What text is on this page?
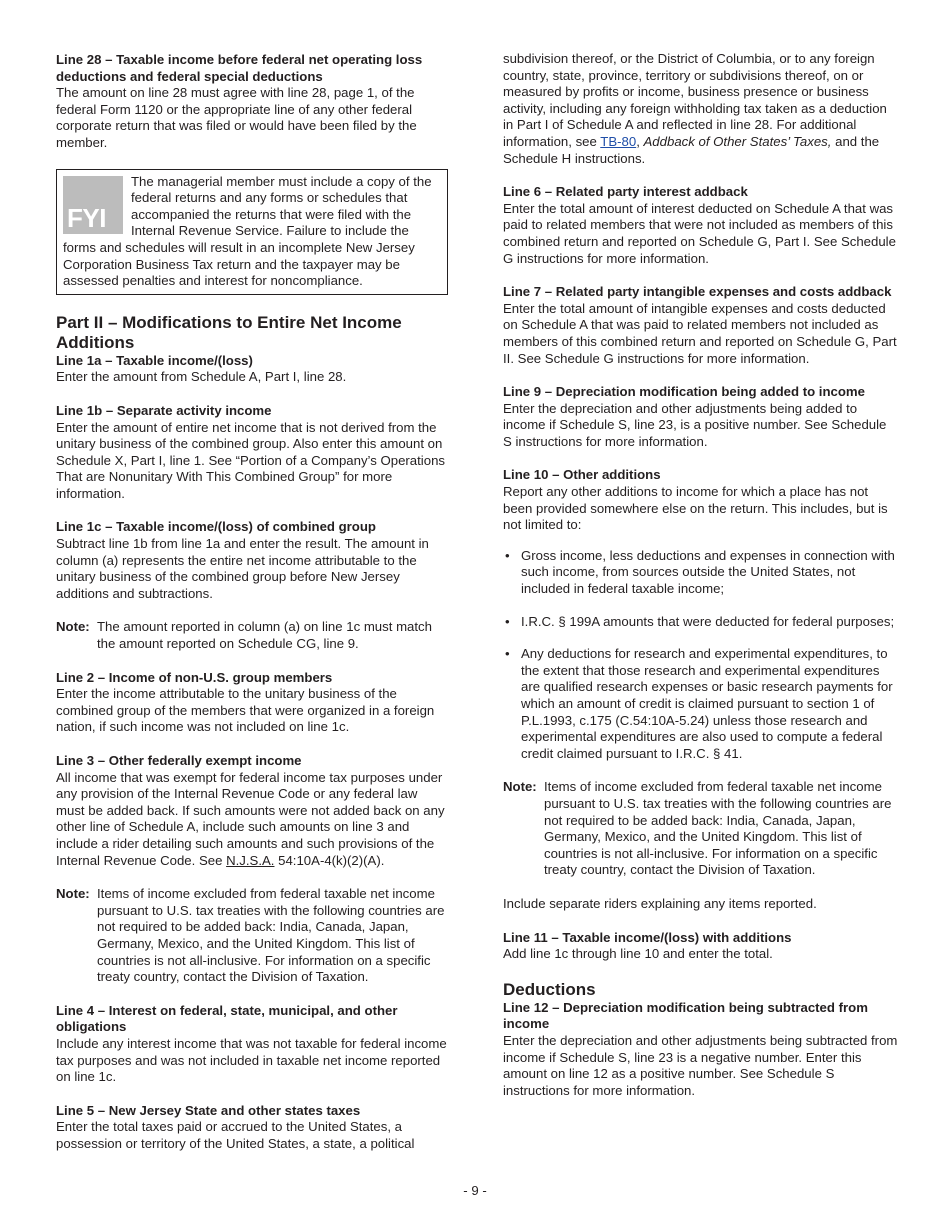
Line 28 – Taxable income before federal net operating loss deductions and federal special deductions

The amount on line 28 must agree with line 28, page 1, of the federal Form 1120 or the appropriate line of any other federal corporate return that was filed or would have been filed by the member.

FYI
The managerial member must include a copy of the federal returns and any forms or schedules that accompanied the returns that were filed with the Internal Revenue Service. Failure to include the forms and schedules will result in an incomplete New Jersey Corporation Business Tax return and the taxpayer may be assessed penalties and interest for noncompliance.
Part II – Modifications to Entire Net Income
Additions
Line 1a – Taxable income/(loss)

Enter the amount from Schedule A, Part I, line 28.

Line 1b – Separate activity income

Enter the amount of entire net income that is not derived from the unitary business of the combined group. Also enter this amount on Schedule X, Part I, line 1. See “Portion of a Company’s Operations That are Nonunitary With This Combined Group” for more information.

Line 1c – Taxable income/(loss) of combined group

Subtract line 1b from line 1a and enter the result. The amount in column (a) represents the entire net income attributable to the unitary business of the combined group before New Jersey additions and subtractions.

Note: The amount reported in column (a) on line 1c must match the amount reported on Schedule CG, line 9.
Line 2 – Income of non-U.S. group members

Enter the income attributable to the unitary business of the combined group of the members that were organized in a foreign nation, if such income was not included on line 1c.

Line 3 – Other federally exempt income

All income that was exempt for federal income tax purposes under any provision of the Internal Revenue Code or any federal law must be added back. If such amounts were not added back on any other line of Schedule A, include such amounts on line 3 and include a rider detailing such amounts and such provisions of the Internal Revenue Code. See N.J.S.A. 54:10A-4(k)(2)(A).

Note: Items of income excluded from federal taxable net income pursuant to U.S. tax treaties with the following countries are not required to be added back: India, Canada, Japan, Germany, Mexico, and the United Kingdom. This list of countries is not all-inclusive. For information on a specific treaty country, contact the Division of Taxation.
Line 4 – Interest on federal, state, municipal, and other obligations

Include any interest income that was not taxable for federal income tax purposes and was not included in taxable net income reported on line 1c.

Line 5 – New Jersey State and other states taxes

Enter the total taxes paid or accrued to the United States, a possession or territory of the United States, a state, a political

subdivision thereof, or the District of Columbia, or to any foreign country, state, province, territory or subdivisions thereof, on or measured by profits or income, business presence or business activity, including any foreign withholding tax taken as a deduction in Part I of Schedule A and reflected in line 28. For additional information, see TB-80, Addback of Other States’ Taxes, and the Schedule H instructions.

Line 6 – Related party interest addback

Enter the total amount of interest deducted on Schedule A that was paid to related members that were not included as members of this combined return and reported on Schedule G, Part I. See Schedule G instructions for more information.

Line 7 – Related party intangible expenses and costs addback

Enter the total amount of intangible expenses and costs deducted on Schedule A that was paid to related members not included as members of this combined return and reported on Schedule G, Part II. See Schedule G instructions for more information.

Line 9 – Depreciation modification being added to income

Enter the depreciation and other adjustments being added to income if Schedule S, line 23, is a positive number. See Schedule S instructions for more information.

Line 10 – Other additions

Report any other additions to income for which a place has not been provided somewhere else on the return. This includes, but is not limited to:

• Gross income, less deductions and expenses in connection with such income, from sources outside the United States, not included in federal taxable income;
• I.R.C. § 199A amounts that were deducted for federal purposes;
• Any deductions for research and experimental expenditures, to the extent that those research and experimental expenditures are qualified research expenses or basic research payments for which an amount of credit is claimed pursuant to section 1 of P.L.1993, c.175 (C.54:10A-5.24) unless those research and experimental expenditures are also used to compute a federal credit claimed pursuant to I.R.C. § 41.
Note: Items of income excluded from federal taxable net income pursuant to U.S. tax treaties with the following countries are not required to be added back: India, Canada, Japan, Germany, Mexico, and the United Kingdom. This list of countries is not all-inclusive. For information on a specific treaty country, contact the Division of Taxation.

Include separate riders explaining any items reported.

Line 11 – Taxable income/(loss) with additions

Add line 1c through line 10 and enter the total.

Deductions
Line 12 – Depreciation modification being subtracted from income

Enter the depreciation and other adjustments being subtracted from income if Schedule S, line 23 is a negative number. Enter this amount on line 12 as a positive number. See Schedule S instructions for more information.

- 9 -
